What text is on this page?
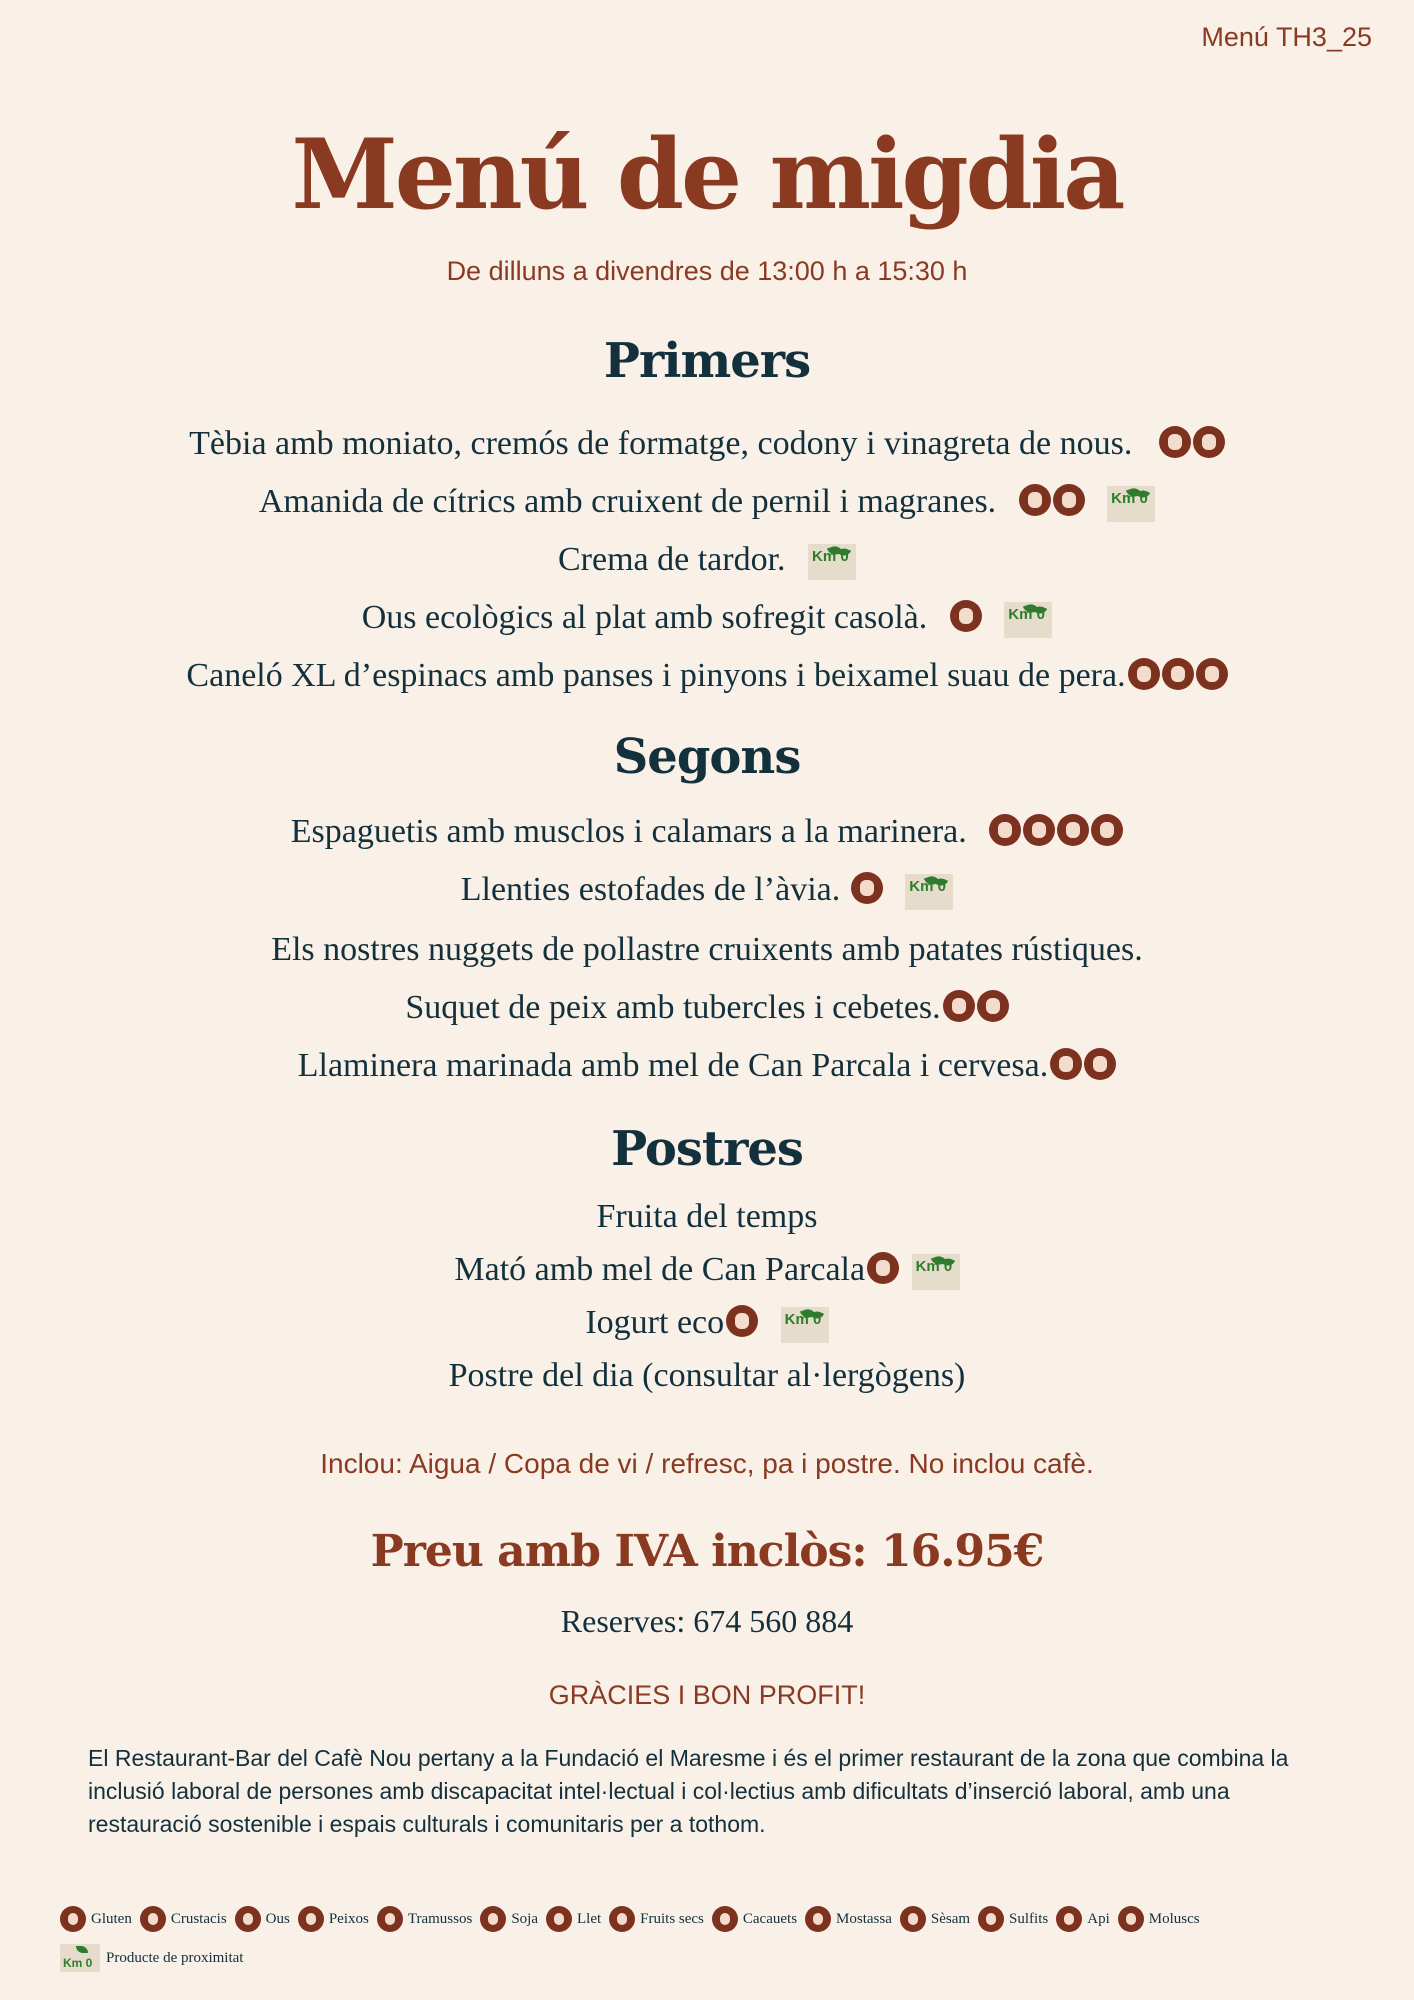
Menú TH3_25
Menú de migdia
De dilluns a divendres de 13:00 h a 15:30 h
Primers
Tèbia amb moniato, cremós de formatge, codony i vinagreta de nous.
Amanida de cítrics amb cruixent de pernil i magranes.	Km 0
Crema de tardor. Km 0
Ous ecològics al plat amb sofregit casolà.	Km 0
Caneló XL d’espinacs amb panses i pinyons i beixamel suau de pera.
Segons
Espaguetis amb musclos i calamars a la marinera.
Llenties estofades de l’àvia.	Km 0
Els nostres nuggets de pollastre cruixents amb patates rústiques.
Suquet de peix amb tubercles i cebetes.
Llaminera marinada amb mel de Can Parcala i cervesa.
Postres
Fruita del temps
Mató amb mel de Can Parcala	Km 0
Iogurt eco	Km 0
Postre del dia (consultar al·lergògens)
Inclou: Aigua / Copa de vi / refresc, pa i postre. No inclou cafè.
Preu amb IVA inclòs: 16.95€
Reserves: 674 560 884
GRÀCIES I BON PROFIT!

El Restaurant-Bar del Cafè Nou pertany a la Fundació el Maresme i és el primer restaurant de la zona que combina la inclusió laboral de persones amb discapacitat intel·lectual i col·lectius amb dificultats d’inserció laboral, amb una restauració sostenible i espais culturals i comunitaris per a tothom.

Gluten	Crustacis	Ous	Peixos	Tramussos	Soja	Llet	Fruits secs	Cacauets	Mostassa	Sèsam	Sulfits	Api	Moluscs
Km 0 Producte de proximitat
